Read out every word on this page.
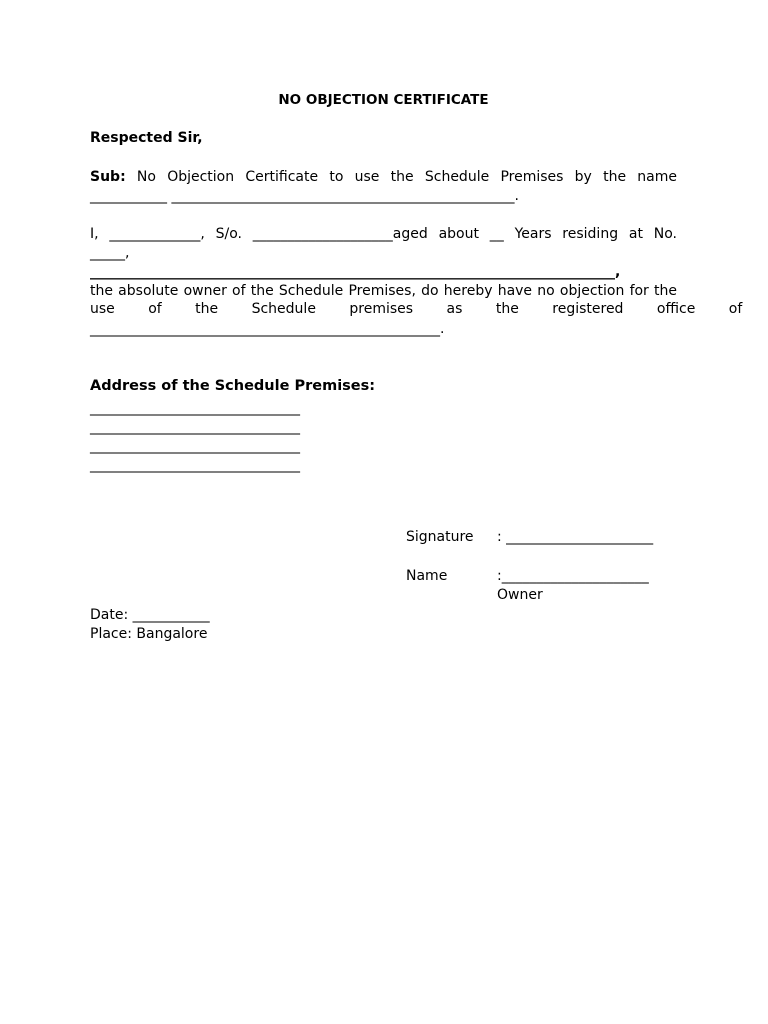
NO OBJECTION CERTIFICATE
Respected Sir,
Sub: No Objection Certificate to use the Schedule Premises by the name
___________ _________________________________________________.
I, _____________, S/o. ____________________aged about __ Years residing at No.
_____,
___________________________________________________________________________,
the absolute owner of the Schedule Premises, do hereby have no objection for the
use of the Schedule premises as the registered office of
__________________________________________________.
Address of the Schedule Premises:
______________________________
______________________________
______________________________
______________________________
Signature : _____________________
Name	:_____________________
Owner
Date: ___________
Place: Bangalore
